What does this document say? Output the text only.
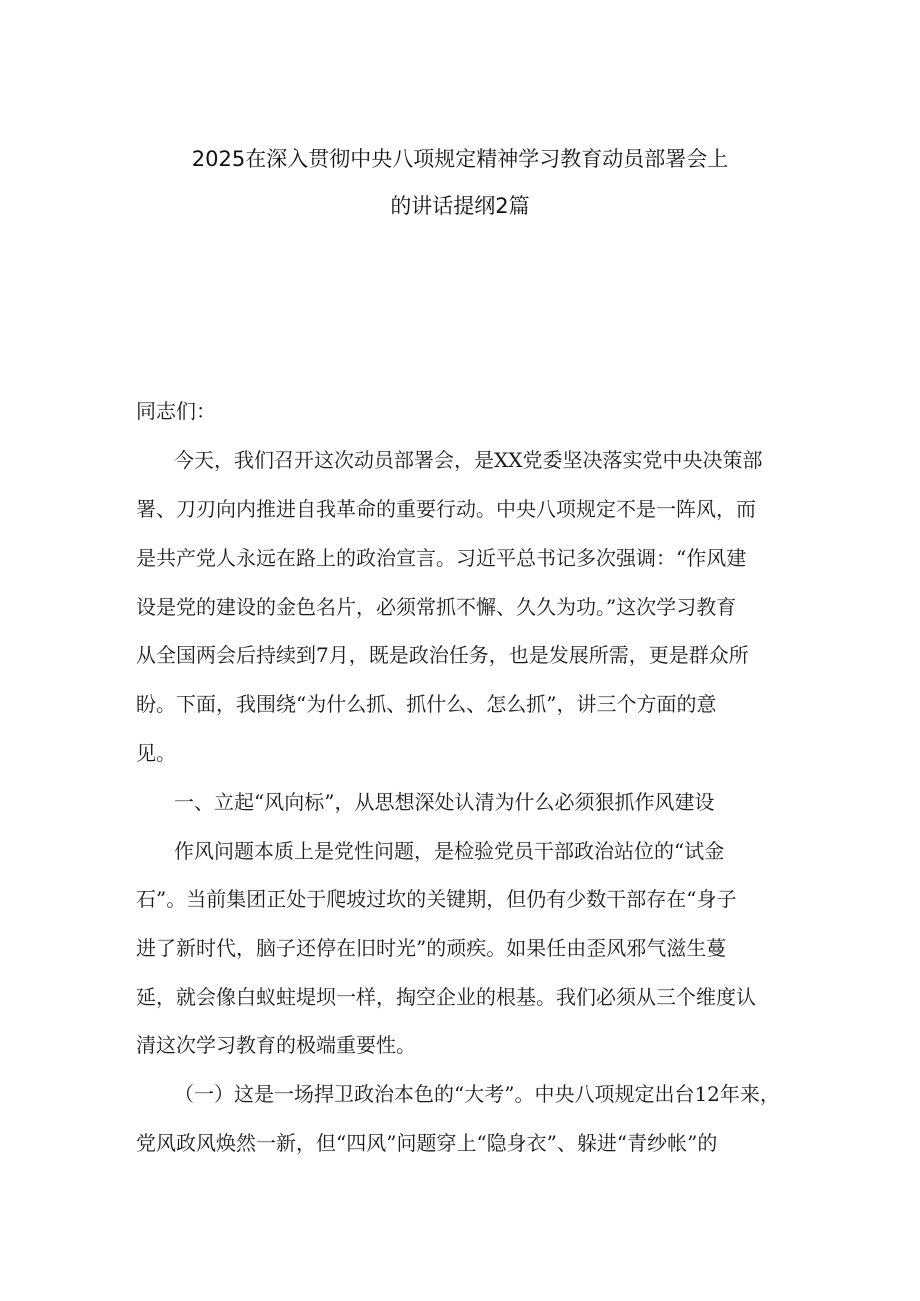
2025在深入贯彻中央八项规定精神学习教育动员部署会上
的讲话提纲2篇
同志们：
今天，我们召开这次动员部署会，是XX党委坚决落实党中央决策部
署、刀刃向内推进自我革命的重要行动。中央八项规定不是一阵风，而
是共产党人永远在路上的政治宣言。习近平总书记多次强调：“作风建
设是党的建设的金色名片，必须常抓不懈、久久为功。”这次学习教育
从全国两会后持续到7月，既是政治任务，也是发展所需，更是群众所
盼。下面，我围绕“为什么抓、抓什么、怎么抓”，讲三个方面的意
见。
一、立起“风向标”，从思想深处认清为什么必须狠抓作风建设
作风问题本质上是党性问题，是检验党员干部政治站位的“试金
石”。当前集团正处于爬坡过坎的关键期，但仍有少数干部存在“身子
进了新时代，脑子还停在旧时光”的顽疾。如果任由歪风邪气滋生蔓
延，就会像白蚁蛀堤坝一样，掏空企业的根基。我们必须从三个维度认
清这次学习教育的极端重要性。
（一）这是一场捍卫政治本色的“大考”。中央八项规定出台12年来，
党风政风焕然一新，但“四风”问题穿上“隐身衣”、躲进“青纱帐”的
